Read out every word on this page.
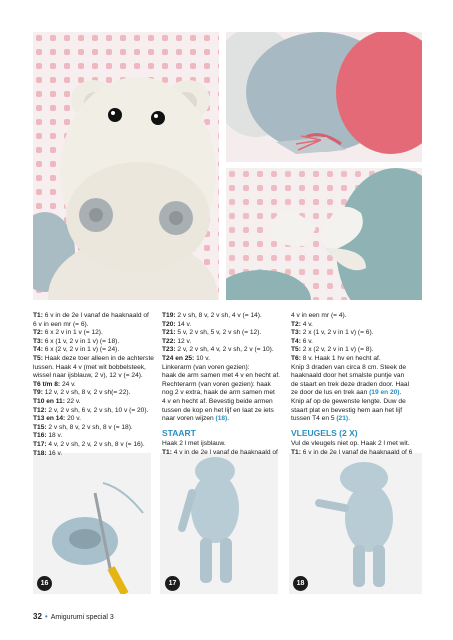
T1: 6 v in de 2e l vanaf de haaknaald of

6 v in een mr (= 6).

T2: 6 x 2 v in 1 v (= 12).

T3: 6 x (1 v, 2 v in 1 v) (= 18).

T4: 6 x (2 v, 2 v in 1 v) (= 24).

T5: Haak deze toer alleen in de achterste

lussen. Haak 4 v (met wit bobbelsteek,

wissel naar ijsblauw, 2 v), 12 v (= 24).

T6 t/m 8: 24 v.

T9: 12 v, 2 v sh, 8 v, 2 v sh(= 22).

T10 en 11: 22 v.

T12: 2 v, 2 v sh, 6 v, 2 v sh, 10 v (= 20).

T13 en 14: 20 v.

T15: 2 v sh, 8 v, 2 v sh, 8 v (= 18).

T16: 18 v.

T17: 4 v, 2 v sh, 2 v, 2 v sh, 8 v (= 16).

T18: 16 v.

T19: 2 v sh, 8 v, 2 v sh, 4 v (= 14).

T20: 14 v.

T21: 5 v, 2 v sh, 5 v, 2 v sh (= 12).

T22: 12 v.

T23: 2 v, 2 v sh, 4 v, 2 v sh, 2 v (= 10).

T24 en 25: 10 v.

Linkerarm (van voren gezien):

haak de arm samen met 4 v en hecht af.

Rechterarm (van voren gezien): haak

nog 2 v extra, haak de arm samen met

4 v en hecht af. Bevestig beide armen

tussen de kop en het lijf en laat ze iets

naar voren wijzen (18).

STAART

Haak 2 l met ijsblauw.

T1: 4 v in de 2e l vanaf de haaknaald of

4 v in een mr (= 4).

T2: 4 v.

T3: 2 x (1 v, 2 v in 1 v) (= 6).

T4: 6 v.

T5: 2 x (2 v, 2 v in 1 v) (= 8).

T6: 8 v. Haak 1 hv en hecht af.

Knip 3 draden van circa 8 cm. Steek de

haaknaald door het smalste puntje van

de staart en trek deze draden door. Haal

ze door de lus en trek aan (19 en 20).

Knip af op de gewenste lengte. Duw de

staart plat en bevestig hem aan het lijf

tussen T4 en 5 (21).

VLEUGELS (2 X)

Vul de vleugels niet op. Haak 2 l met wit.

T1: 6 v in de 2e l vanaf de haaknaald of 6

16	17	18
32 • Amigurumi special 3
